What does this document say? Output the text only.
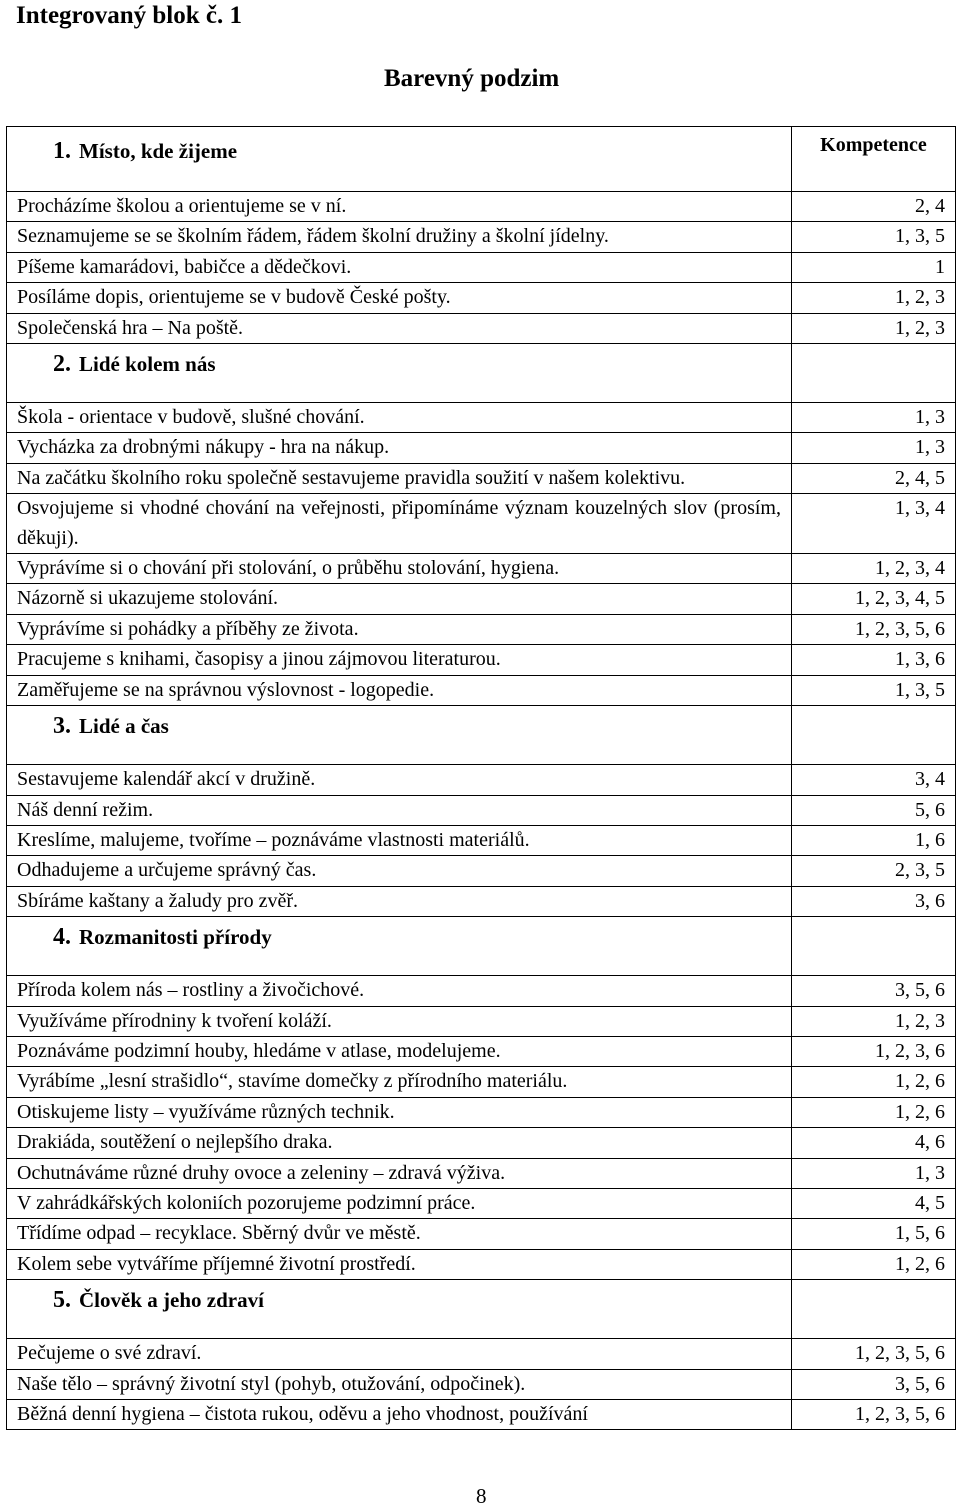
Integrovaný blok č. 1
Barevný podzim
1. Místo, kde žijeme	Kompetence
Procházíme školou a orientujeme se v ní.	2, 4
Seznamujeme se se školním řádem, řádem školní družiny a školní jídelny.	1, 3, 5
Píšeme kamarádovi, babičce a dědečkovi.	1
Posíláme dopis, orientujeme se v budově České pošty.	1, 2, 3
Společenská hra – Na poště.	1, 2, 3
2. Lidé kolem nás	
Škola - orientace v budově, slušné chování.	1, 3
Vycházka za drobnými nákupy - hra na nákup.	1, 3
Na začátku školního roku společně sestavujeme pravidla soužití v našem kolektivu.	2, 4, 5
Osvojujeme si vhodné chování na veřejnosti, připomínáme význam kouzelných slov (prosím, děkuji).	1, 3, 4
Vyprávíme si o chování při stolování, o průběhu stolování, hygiena.	1, 2, 3, 4
Názorně si ukazujeme stolování.	1, 2, 3, 4, 5
Vyprávíme si pohádky a příběhy ze života.	1, 2, 3, 5, 6
Pracujeme s knihami, časopisy a jinou zájmovou literaturou.	1, 3, 6
Zaměřujeme se na správnou výslovnost - logopedie.	1, 3, 5
3. Lidé a čas	
Sestavujeme kalendář akcí v družině.	3, 4
Náš denní režim.	5, 6
Kreslíme, malujeme, tvoříme – poznáváme vlastnosti materiálů.	1, 6
Odhadujeme a určujeme správný čas.	2, 3, 5
Sbíráme kaštany a žaludy pro zvěř.	3, 6
4. Rozmanitosti přírody	
Příroda kolem nás – rostliny a živočichové.	3, 5, 6
Využíváme přírodniny k tvoření koláží.	1, 2, 3
Poznáváme podzimní houby, hledáme v atlase, modelujeme.	1, 2, 3, 6
Vyrábíme „lesní strašidlo“, stavíme domečky z přírodního materiálu.	1, 2, 6
Otiskujeme listy – využíváme různých technik.	1, 2, 6
Drakiáda, soutěžení o nejlepšího draka.	4, 6
Ochutnáváme různé druhy ovoce a zeleniny – zdravá výživa.	1, 3
V zahrádkářských koloniích pozorujeme podzimní práce.	4, 5
Třídíme odpad – recyklace. Sběrný dvůr ve městě.	1, 5, 6
Kolem sebe vytváříme příjemné životní prostředí.	1, 2, 6
5. Člověk a jeho zdraví	
Pečujeme o své zdraví.	1, 2, 3, 5, 6
Naše tělo – správný životní styl (pohyb, otužování, odpočinek).	3, 5, 6
Běžná denní hygiena – čistota rukou, oděvu a jeho vhodnost, používání	1, 2, 3, 5, 6
8
